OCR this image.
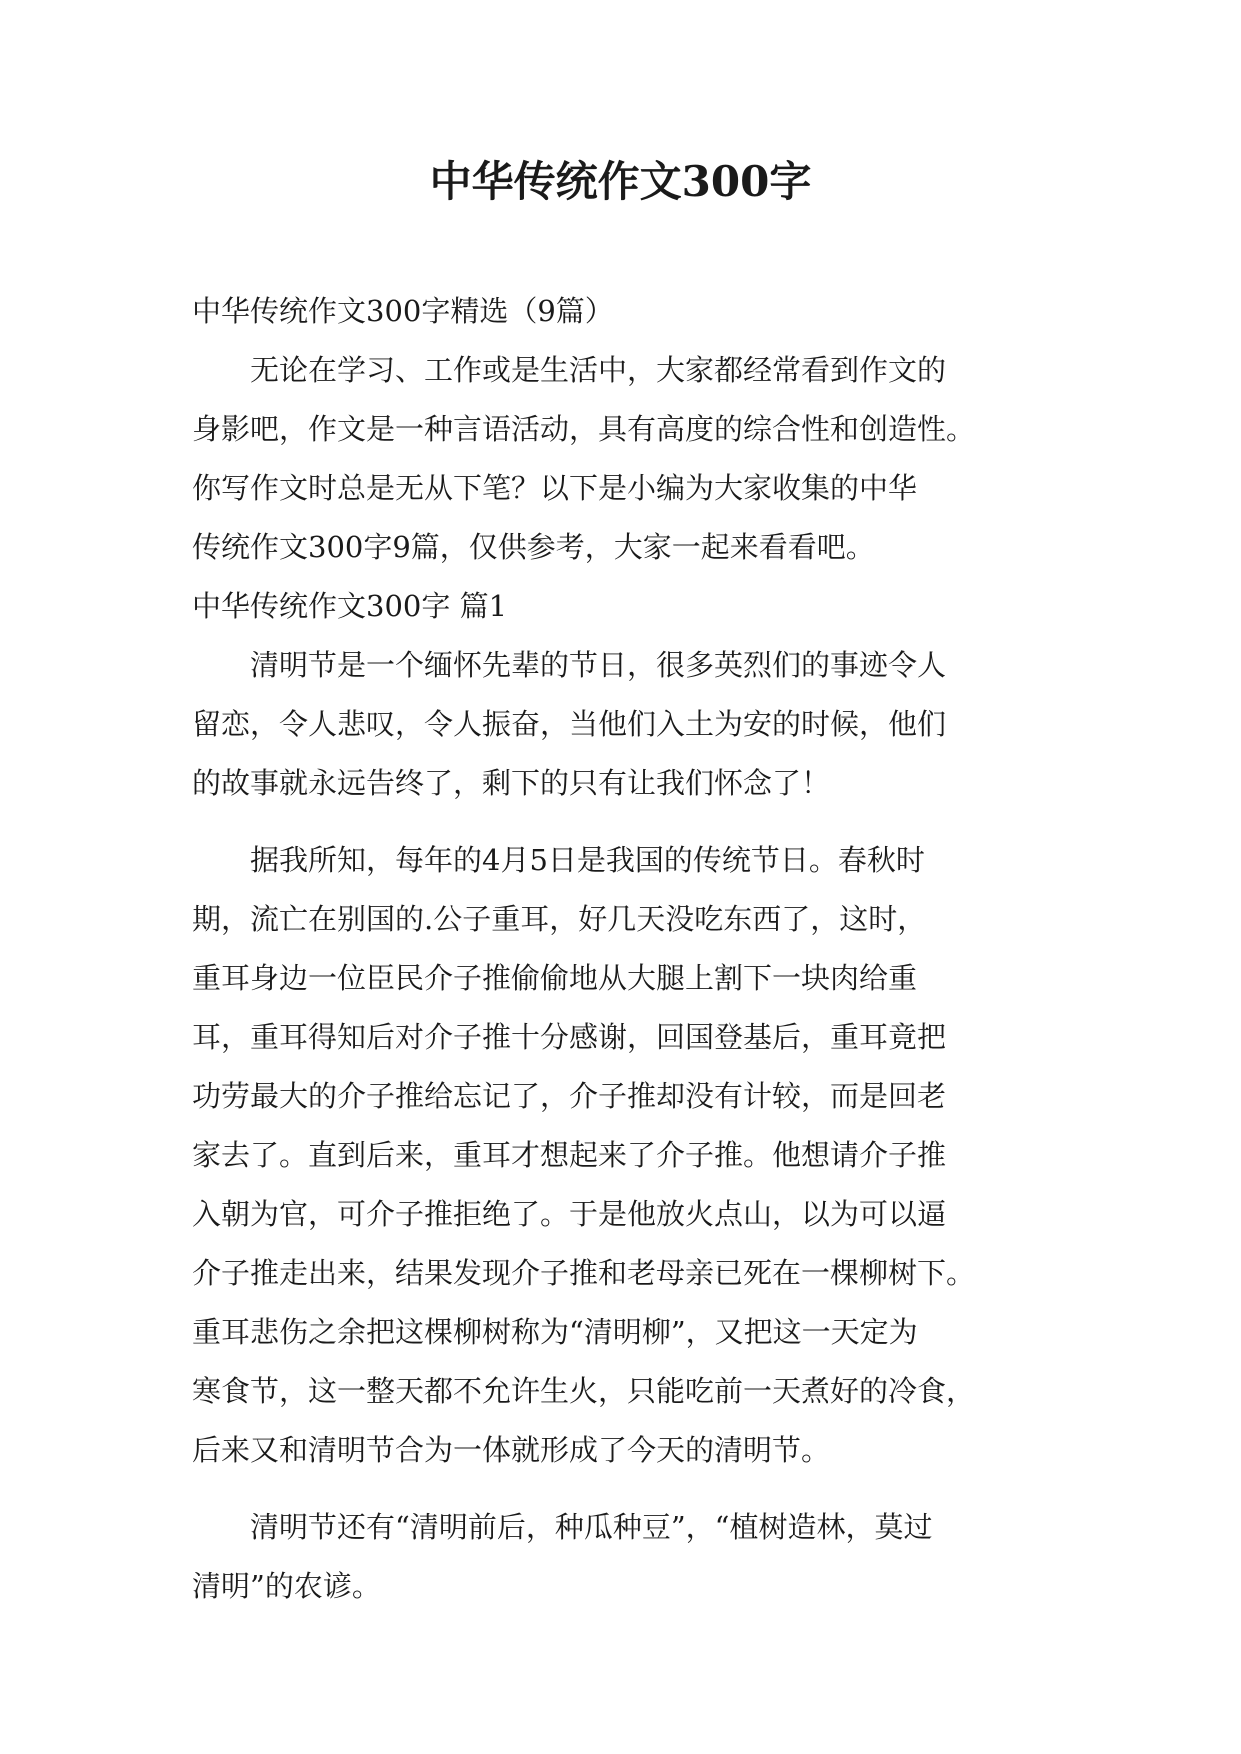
中华传统作文300字

中华传统作文300字精选（9篇）

　　无论在学习、工作或是生活中，大家都经常看到作文的

身影吧，作文是一种言语活动，具有高度的综合性和创造性。

你写作文时总是无从下笔？以下是小编为大家收集的中华

传统作文300字9篇，仅供参考，大家一起来看看吧。

中华传统作文300字 篇1

　　清明节是一个缅怀先辈的节日，很多英烈们的事迹令人

留恋，令人悲叹，令人振奋，当他们入土为安的时候，他们

的故事就永远告终了，剩下的只有让我们怀念了！

　　据我所知，每年的4月5日是我国的传统节日。春秋时

期，流亡在别国的.公子重耳，好几天没吃东西了，这时，

重耳身边一位臣民介子推偷偷地从大腿上割下一块肉给重

耳，重耳得知后对介子推十分感谢，回国登基后，重耳竟把

功劳最大的介子推给忘记了，介子推却没有计较，而是回老

家去了。直到后来，重耳才想起来了介子推。他想请介子推

入朝为官，可介子推拒绝了。于是他放火点山，以为可以逼

介子推走出来，结果发现介子推和老母亲已死在一棵柳树下。

重耳悲伤之余把这棵柳树称为“清明柳”，又把这一天定为

寒食节，这一整天都不允许生火，只能吃前一天煮好的冷食，

后来又和清明节合为一体就形成了今天的清明节。

　　清明节还有“清明前后，种瓜种豆”，“植树造林，莫过

清明”的农谚。
